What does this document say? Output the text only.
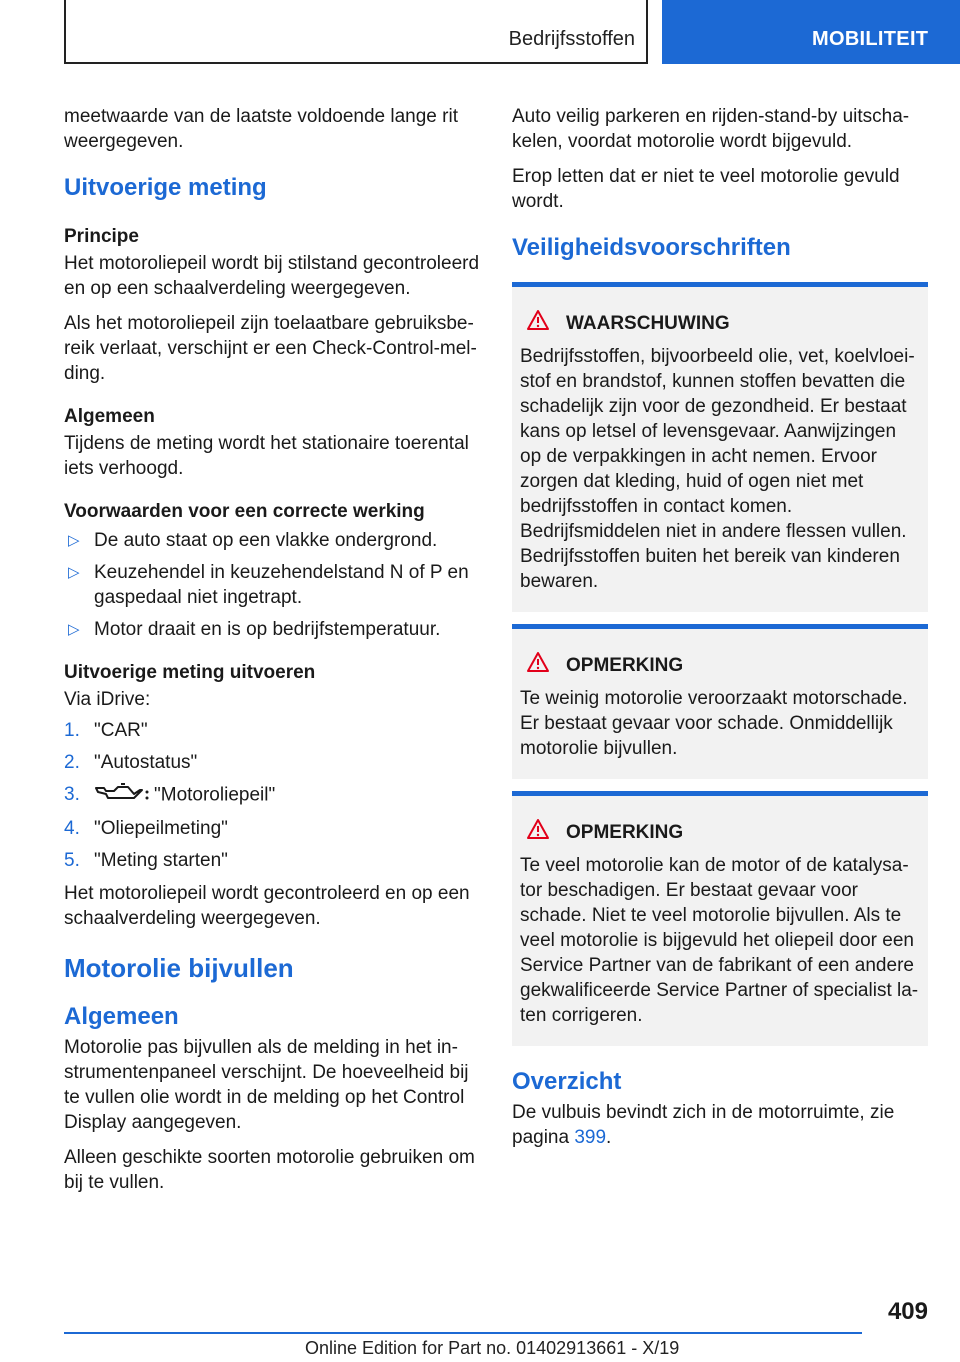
Bedrijfsstoffen	MOBILITEIT

meetwaarde van de laatste voldoende lange rit weergegeven.

Uitvoerige meting
Principe

Het motoroliepeil wordt bij stilstand gecontroleerd en op een schaalverdeling weergegeven.

Als het motoroliepeil zijn toelaatbare gebruiksbereik verlaat, verschijnt er een Check-Control-melding.

Algemeen

Tijdens de meting wordt het stationaire toerental iets verhoogd.

Voorwaarden voor een correcte werking
▷ De auto staat op een vlakke ondergrond.
▷ Keuzehendel in keuzehendelstand N of P en gaspedaal niet ingetrapt.
▷ Motor draait en is op bedrijfstemperatuur.
Uitvoerige meting uitvoeren

Via iDrive:

1. "CAR"
2. "Autostatus"
3.	"Motoroliepeil"
4. "Oliepeilmeting"
5. "Meting starten"

Het motoroliepeil wordt gecontroleerd en op een schaalverdeling weergegeven.

Motorolie bijvullen
Algemeen

Motorolie pas bijvullen als de melding in het instrumentenpaneel verschijnt. De hoeveelheid bij te vullen olie wordt in de melding op het Control Display aangegeven.

Alleen geschikte soorten motorolie gebruiken om bij te vullen.

Auto veilig parkeren en rijden-stand-by uitschakelen, voordat motorolie wordt bijgevuld.

Erop letten dat er niet te veel motorolie gevuld wordt.

Veiligheidsvoorschriften
WAARSCHUWING

Bedrijfsstoffen, bijvoorbeeld olie, vet, koelvloeistof en brandstof, kunnen stoffen bevatten die schadelijk zijn voor de gezondheid. Er bestaat kans op letsel of levensgevaar. Aanwijzingen op de verpakkingen in acht nemen. Ervoor zorgen dat kleding, huid of ogen niet met bedrijfsstoffen in contact komen. Bedrijfsmiddelen niet in andere flessen vullen. Bedrijfsstoffen buiten het bereik van kinderen bewaren.

OPMERKING

Te weinig motorolie veroorzaakt motorschade. Er bestaat gevaar voor schade. Onmiddellijk motorolie bijvullen.

OPMERKING

Te veel motorolie kan de motor of de katalysator beschadigen. Er bestaat gevaar voor schade. Niet te veel motorolie bijvullen. Als te veel motorolie is bijgevuld het oliepeil door een Service Partner van de fabrikant of een andere gekwalificeerde Service Partner of specialist laten corrigeren.

Overzicht

De vulbuis bevindt zich in de motorruimte, zie pagina 399.

409
Online Edition for Part no. 01402913661 - X/19
